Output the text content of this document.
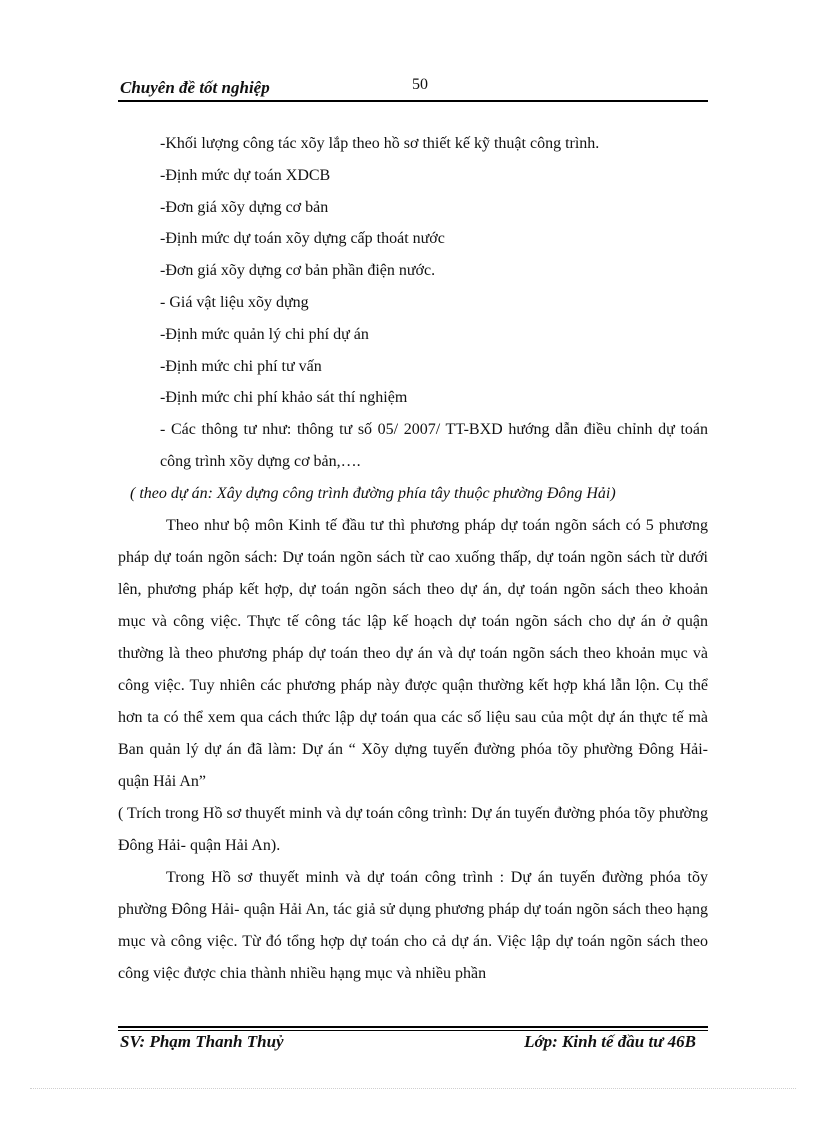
Chuyên đề tốt nghiệp	50
-Khối lượng công tác xõy lắp theo hồ sơ thiết kế kỹ thuật công trình.
-Định mức dự toán XDCB
-Đơn giá xõy dựng cơ bản
-Định mức dự toán xõy dựng cấp thoát nước
-Đơn giá xõy dựng cơ bản phần điện nước.
- Giá vật liệu xõy dựng
-Định mức quản lý chi phí dự án
-Định mức chi phí tư vấn
-Định mức chi phí khảo sát thí nghiệm
- Các thông tư như: thông tư số 05/ 2007/ TT-BXD hướng dẫn điều chỉnh dự toán công trình xõy dựng cơ bản,….
( theo dự án: Xây dựng công trình đường phía tây thuộc phường Đông Hải)

Theo như bộ môn Kinh tế đầu tư thì phương pháp dự toán ngõn sách có 5 phương pháp dự toán ngõn sách: Dự toán ngõn sách từ cao xuống thấp, dự toán ngõn sách từ dưới lên, phương pháp kết hợp, dự toán ngõn sách theo dự án, dự toán ngõn sách theo khoản mục và công việc. Thực tế công tác lập kế hoạch dự toán ngõn sách cho dự án ở quận thường là theo phương pháp dự toán theo dự án và dự toán ngõn sách theo khoản mục và công việc. Tuy nhiên các phương pháp này được quận thường kết hợp khá lẫn lộn. Cụ thể hơn ta có thể xem qua cách thức lập dự toán qua các số liệu sau của một dự án thực tế mà Ban quản lý dự án đã làm: Dự án “ Xõy dựng tuyến đường phóa tõy phường Đông Hải- quận Hải An”

( Trích trong Hồ sơ thuyết minh và dự toán công trình: Dự án tuyến đường phóa tõy phường Đông Hải- quận Hải An).

Trong Hồ sơ thuyết minh và dự toán công trình : Dự án tuyến đường phóa tõy phường Đông Hải- quận Hải An, tác giả sử dụng phương pháp dự toán ngõn sách theo hạng mục và công việc. Từ đó tổng hợp dự toán cho cả dự án. Việc lập dự toán ngõn sách theo công việc được chia thành nhiều hạng mục và nhiều phần

SV: Phạm Thanh Thuỷ	Lớp: Kinh tế đầu tư 46B
